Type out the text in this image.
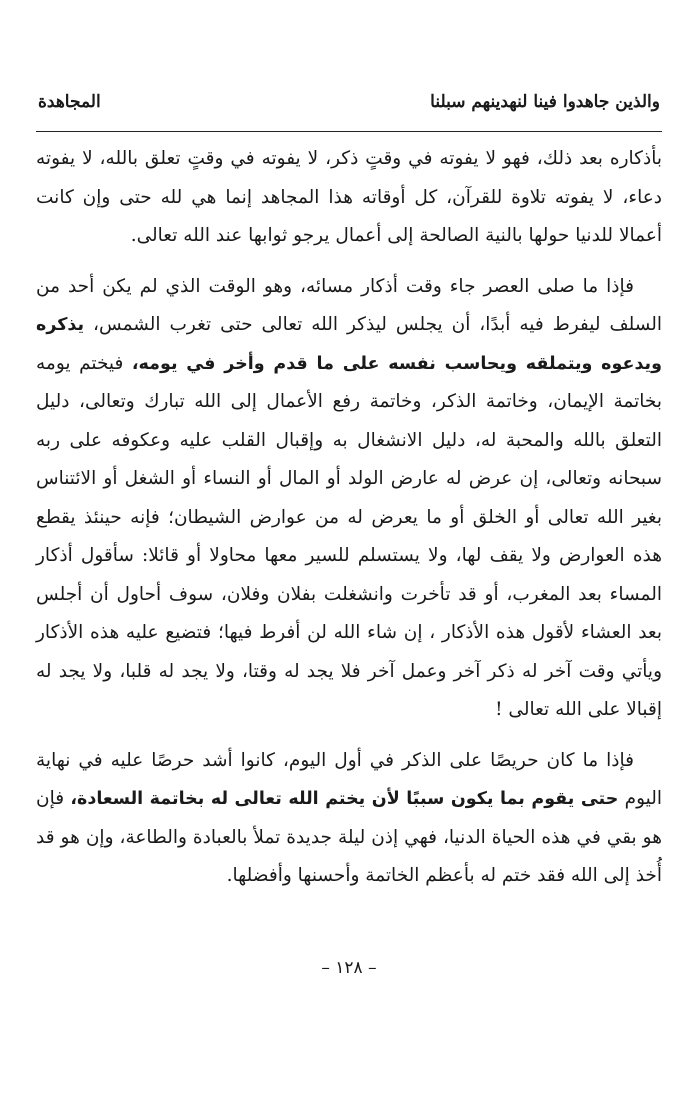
والذين جاهدوا فينا لنهدينهم سبلنا
المجاهدة

بأذكاره بعد ذلك، فهو لا يفوته في وقتٍ ذكر، لا يفوته في وقتٍ تعلق بالله، لا يفوته دعاء، لا يفوته تلاوة للقرآن، كل أوقاته هذا المجاهد إنما هي لله حتى وإن كانت أعمالا للدنيا حولها بالنية الصالحة إلى أعمال يرجو ثوابها عند الله تعالى.

فإذا ما صلى العصر جاء وقت أذكار مسائه، وهو الوقت الذي لم يكن أحد من السلف ليفرط فيه أبدًا، أن يجلس ليذكر الله تعالى حتى تغرب الشمس، يذكره ويدعوه ويتملقه ويحاسب نفسه على ما قدم وأخر في يومه، فيختم يومه بخاتمة الإيمان، وخاتمة الذكر، وخاتمة رفع الأعمال إلى الله تبارك وتعالى، دليل التعلق بالله والمحبة له، دليل الانشغال به وإقبال القلب عليه وعكوفه على ربه سبحانه وتعالى، إن عرض له عارض الولد أو المال أو النساء أو الشغل أو الائتناس بغير الله تعالى أو الخلق أو ما يعرض له من عوارض الشيطان؛ فإنه حينئذ يقطع هذه العوارض ولا يقف لها، ولا يستسلم للسير معها محاولا أو قائلا: سأقول أذكار المساء بعد المغرب، أو قد تأخرت وانشغلت بفلان وفلان، سوف أحاول أن أجلس بعد العشاء لأقول هذه الأذكار ، إن شاء الله لن أفرط فيها؛ فتضيع عليه هذه الأذكار ويأتي وقت آخر له ذكر آخر وعمل آخر فلا يجد له وقتا، ولا يجد له قلبا، ولا يجد له إقبالا على الله تعالى !

فإذا ما كان حريصًا على الذكر في أول اليوم، كانوا أشد حرصًا عليه في نهاية اليوم حتى يقوم بما يكون سببًا لأن يختم الله تعالى له بخاتمة السعادة، فإن هو بقي في هذه الحياة الدنيا، فهي إذن ليلة جديدة تملأ بالعبادة والطاعة، وإن هو قد أُخذ إلى الله فقد ختم له بأعظم الخاتمة وأحسنها وأفضلها.

– ١٢٨ –
